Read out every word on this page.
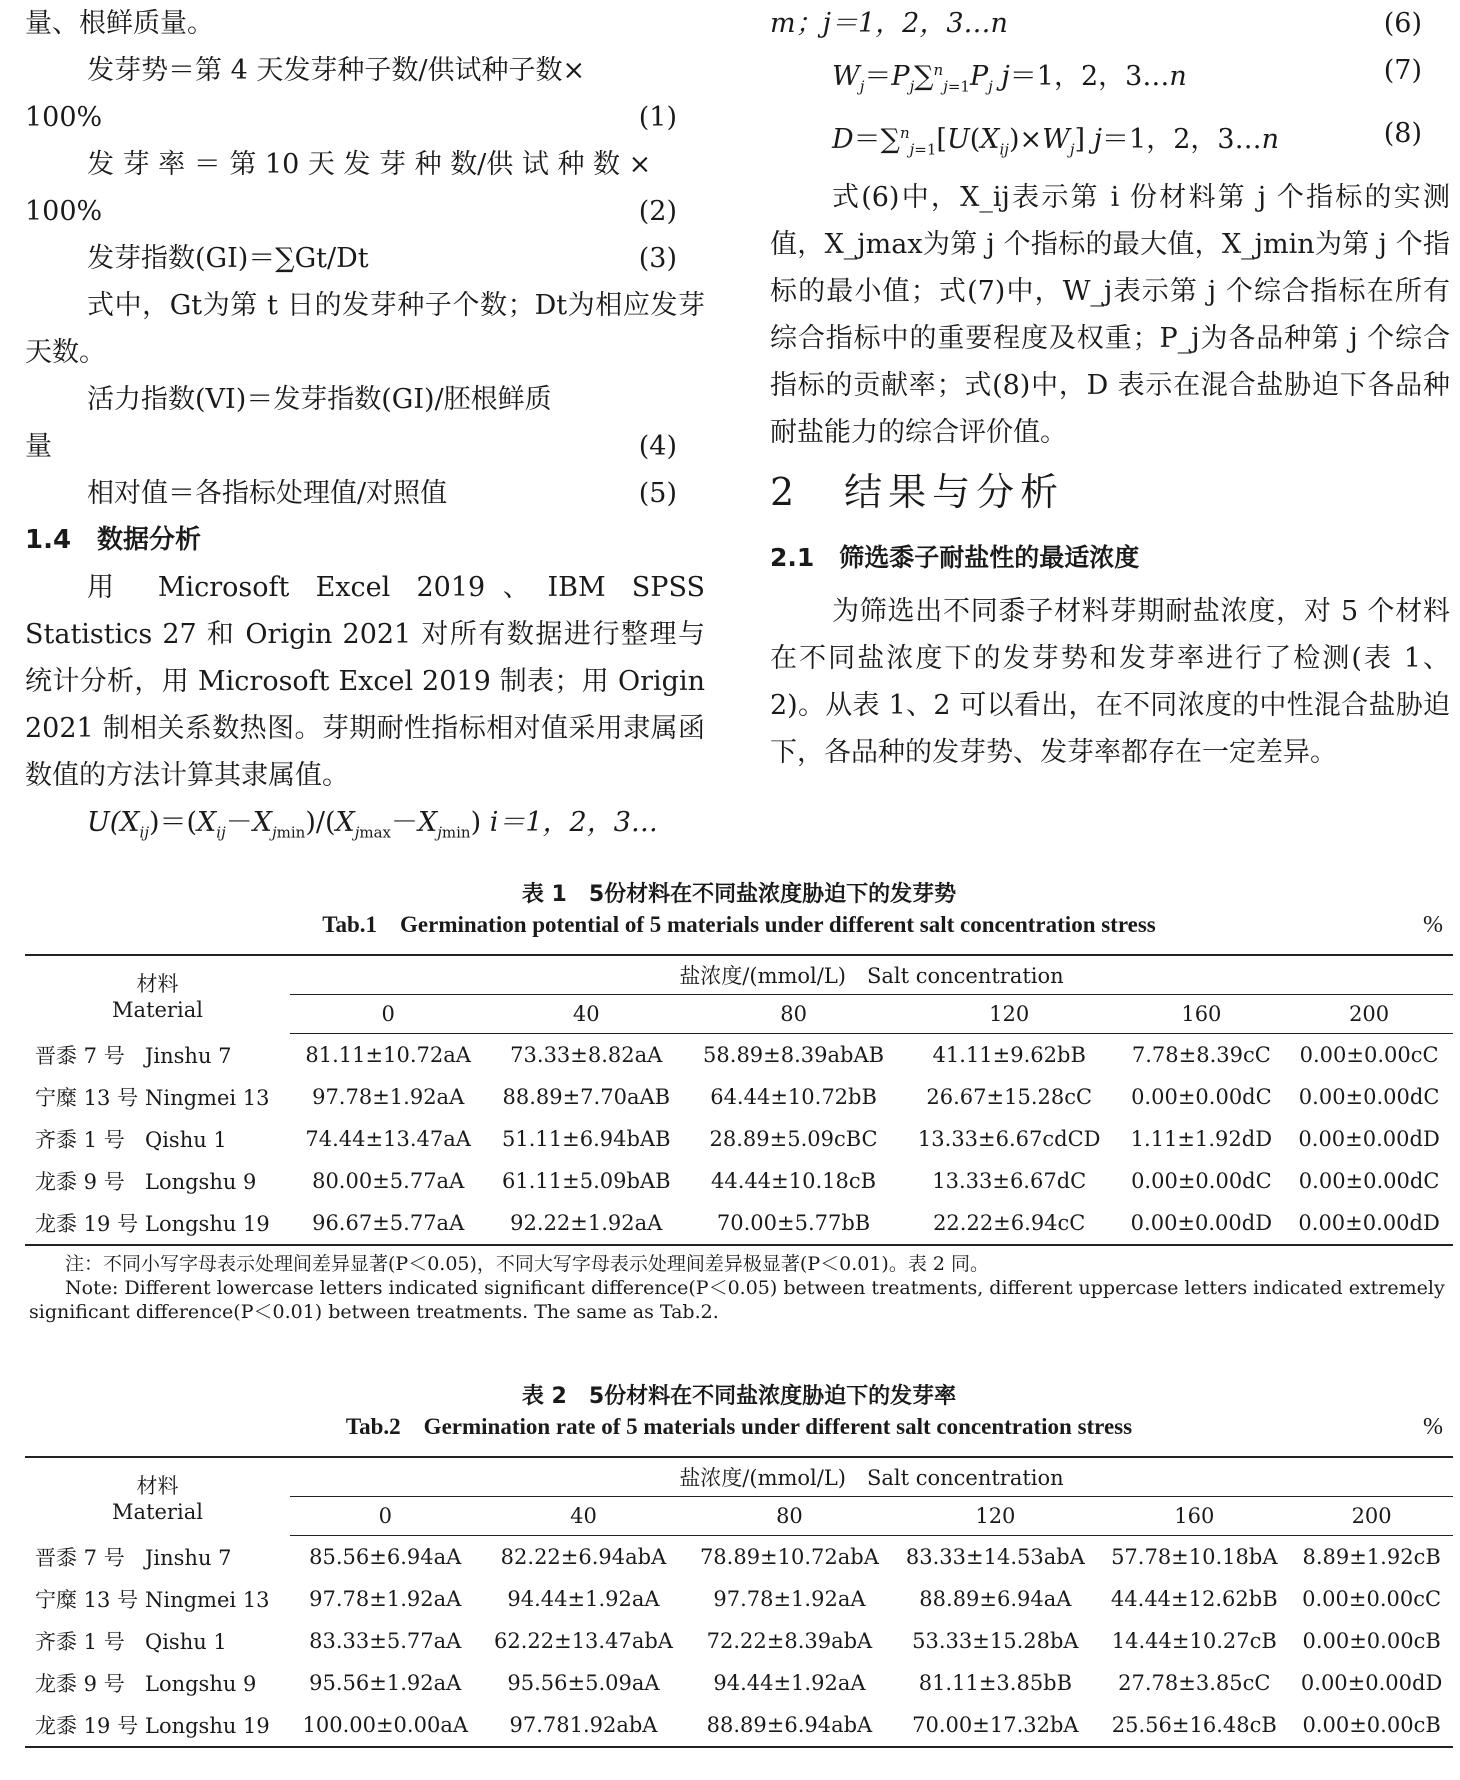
量、根鲜质量。

发芽势＝第 4 天发芽种子数/供试种子数×
100%	(1)
发 芽 率 ＝ 第 10 天 发 芽 种 数/供 试 种 数 ×
100%	(2)
发芽指数(GI)＝∑Gt/Dt	(3)

式中，Gt为第 t 日的发芽种子个数；Dt为相应发芽天数。

活力指数(VI)＝发芽指数(GI)/胚根鲜质
量	(4)
相对值＝各指标处理值/对照值	(5)

1.4　数据分析

用 Microsoft Excel 2019、IBM SPSS Statistics 27 和 Origin 2021 对所有数据进行整理与统计分析，用 Microsoft Excel 2019 制表；用 Origin 2021 制相关系数热图。芽期耐性指标相对值采用隶属函数值的方法计算其隶属值。

$U(X_{ij})=(X_{ij}-X_{jmin})/(X_{jmax}-X_{jmin})$ i＝1，2，3…
m；j＝1，2，3…n	(6)
$W_j=P_j\sum^n_{j=1}P_j$ j＝1，2，3…n	(7)
$D=\sum^n_{j=1}[U(X_{ij})\times W_j]$ j＝1，2，3…n	(8)

式(6)中，X_ij表示第 i 份材料第 j 个指标的实测值，X_jmax为第 j 个指标的最大值，X_jmin为第 j 个指标的最小值；式(7)中，W_j表示第 j 个综合指标在所有综合指标中的重要程度及权重；P_j为各品种第 j 个综合指标的贡献率；式(8)中，D 表示在混合盐胁迫下各品种耐盐能力的综合评价值。

2　结果与分析

2.1　筛选黍子耐盐性的最适浓度

为筛选出不同黍子材料芽期耐盐浓度，对 5 个材料在不同盐浓度下的发芽势和发芽率进行了检测(表 1、2)。从表 1、2 可以看出，在不同浓度的中性混合盐胁迫下，各品种的发芽势、发芽率都存在一定差异。

表 1　5份材料在不同盐浓度胁迫下的发芽势
Tab.1　Germination potential of 5 materials under different salt concentration stress	%
材料
Material	盐浓度/(mmol/L)　Salt concentration					
	0	40	80	120	160	200
晋黍 7 号 Jinshu 7	81.11±10.72aA	73.33±8.82aA	58.89±8.39abAB	41.11±9.62bB	7.78±8.39cC	0.00±0.00cC
宁糜 13 号 Ningmei 13	97.78±1.92aA	88.89±7.70aAB	64.44±10.72bB	26.67±15.28cC	0.00±0.00dC	0.00±0.00dC
齐黍 1 号 Qishu 1	74.44±13.47aA	51.11±6.94bAB	28.89±5.09cBC	13.33±6.67cdCD	1.11±1.92dD	0.00±0.00dD
龙黍 9 号 Longshu 9	80.00±5.77aA	61.11±5.09bAB	44.44±10.18cB	13.33±6.67dC	0.00±0.00dC	0.00±0.00dC
龙黍 19 号 Longshu 19	96.67±5.77aA	92.22±1.92aA	70.00±5.77bB	22.22±6.94cC	0.00±0.00dD	0.00±0.00dD

注：不同小写字母表示处理间差异显著(P＜0.05)，不同大写字母表示处理间差异极显著(P＜0.01)。表 2 同。

Note: Different lowercase letters indicated significant difference(P＜0.05) between treatments, different uppercase letters indicated extremely significant difference(P＜0.01) between treatments. The same as Tab.2.

表 2　5份材料在不同盐浓度胁迫下的发芽率
Tab.2　Germination rate of 5 materials under different salt concentration stress	%
材料
Material	盐浓度/(mmol/L)　Salt concentration					
	0	40	80	120	160	200
晋黍 7 号 Jinshu 7	85.56±6.94aA	82.22±6.94abA	78.89±10.72abA	83.33±14.53abA	57.78±10.18bA	8.89±1.92cB
宁糜 13 号 Ningmei 13	97.78±1.92aA	94.44±1.92aA	97.78±1.92aA	88.89±6.94aA	44.44±12.62bB	0.00±0.00cC
齐黍 1 号 Qishu 1	83.33±5.77aA	62.22±13.47abA	72.22±8.39abA	53.33±15.28bA	14.44±10.27cB	0.00±0.00cB
龙黍 9 号 Longshu 9	95.56±1.92aA	95.56±5.09aA	94.44±1.92aA	81.11±3.85bB	27.78±3.85cC	0.00±0.00dD
龙黍 19 号 Longshu 19	100.00±0.00aA	97.781.92abA	88.89±6.94abA	70.00±17.32bA	25.56±16.48cB	0.00±0.00cB
